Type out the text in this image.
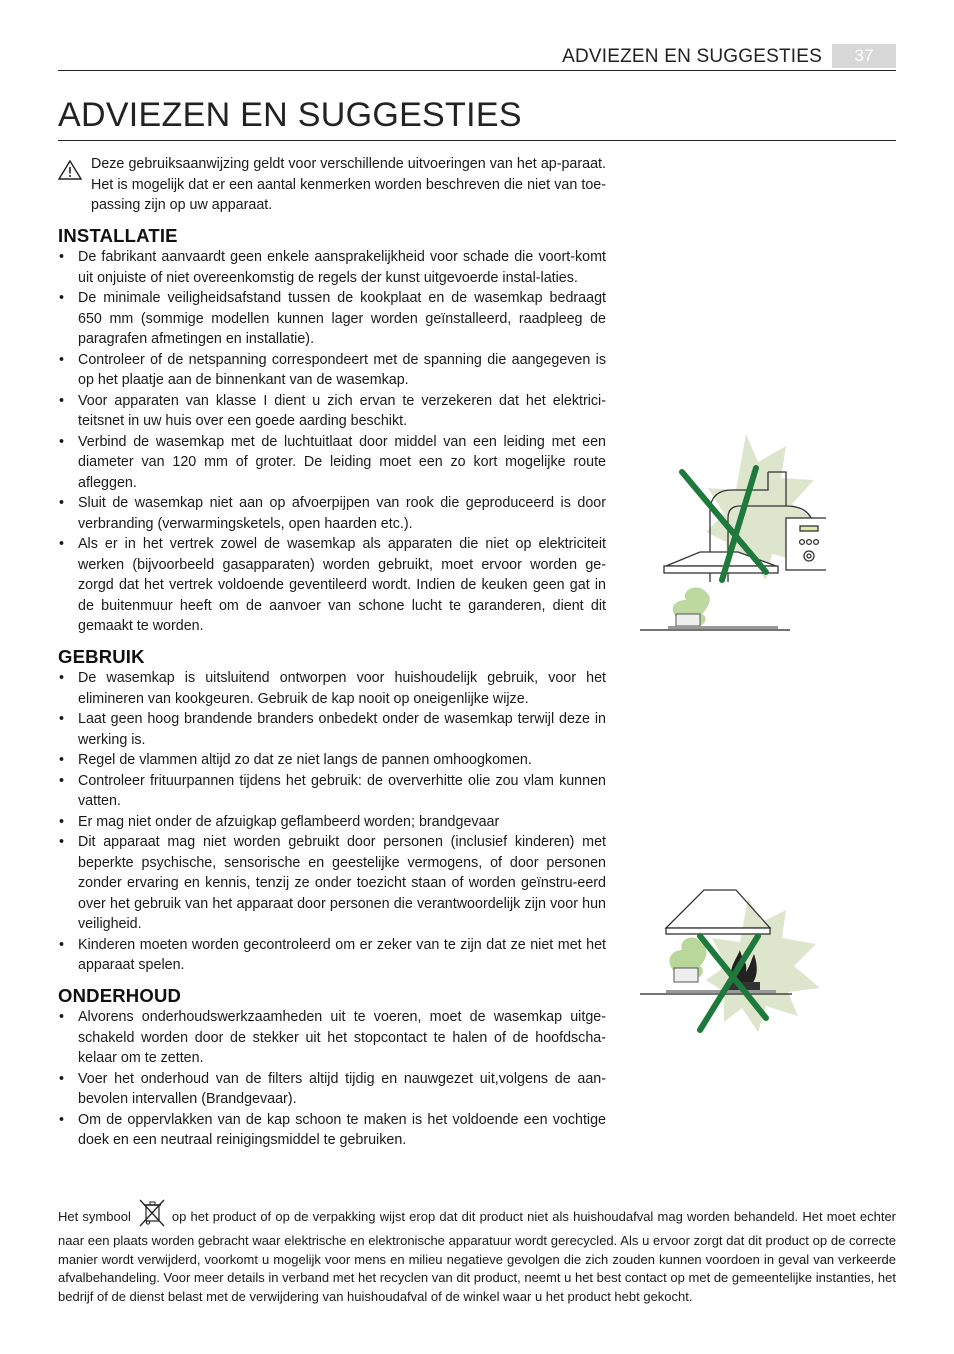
ADVIEZEN EN SUGGESTIES	37
ADVIEZEN EN SUGGESTIES
Deze gebruiksaanwijzing geldt voor verschillende uitvoeringen van het ap-paraat. Het is mogelijk dat er een aantal kenmerken worden beschreven die niet van toe-passing zijn op uw apparaat.
INSTALLATIE
• De fabrikant aanvaardt geen enkele aansprakelijkheid voor schade die voort-komt uit onjuiste of niet overeenkomstig de regels der kunst uitgevoerde instal-laties.
• De minimale veiligheidsafstand tussen de kookplaat en de wasemkap bedraagt 650 mm (sommige modellen kunnen lager worden geïnstalleerd, raadpleeg de paragrafen afmetingen en installatie).
• Controleer of de netspanning correspondeert met de spanning die aangegeven is op het plaatje aan de binnenkant van de wasemkap.
• Voor apparaten van klasse I dient u zich ervan te verzekeren dat het elektrici-teitsnet in uw huis over een goede aarding beschikt.
• Verbind de wasemkap met de luchtuitlaat door middel van een leiding met een diameter van 120 mm of groter. De leiding moet een zo kort mogelijke route afleggen.
• Sluit de wasemkap niet aan op afvoerpijpen van rook die geproduceerd is door verbranding (verwarmingsketels, open haarden etc.).
• Als er in het vertrek zowel de wasemkap als apparaten die niet op elektriciteit werken (bijvoorbeeld gasapparaten) worden gebruikt, moet ervoor worden ge-zorgd dat het vertrek voldoende geventileerd wordt. Indien de keuken geen gat in de buitenmuur heeft om de aanvoer van schone lucht te garanderen, dient dit gemaakt te worden.
GEBRUIK
• De wasemkap is uitsluitend ontworpen voor huishoudelijk gebruik, voor het elimineren van kookgeuren. Gebruik de kap nooit op oneigenlijke wijze.
• Laat geen hoog brandende branders onbedekt onder de wasemkap terwijl deze in werking is.
• Regel de vlammen altijd zo dat ze niet langs de pannen omhoogkomen.
• Controleer frituurpannen tijdens het gebruik: de oververhitte olie zou vlam kunnen vatten.
• Er mag niet onder de afzuigkap geflambeerd worden; brandgevaar
• Dit apparaat mag niet worden gebruikt door personen (inclusief kinderen) met beperkte psychische, sensorische en geestelijke vermogens, of door personen zonder ervaring en kennis, tenzij ze onder toezicht staan of worden geïnstru-eerd over het gebruik van het apparaat door personen die verantwoordelijk zijn voor hun veiligheid.
• Kinderen moeten worden gecontroleerd om er zeker van te zijn dat ze niet met het apparaat spelen.
ONDERHOUD
• Alvorens onderhoudswerkzaamheden uit te voeren, moet de wasemkap uitge-schakeld worden door de stekker uit het stopcontact te halen of de hoofdscha-kelaar om te zetten.
• Voer het onderhoud van de filters altijd tijdig en nauwgezet uit,volgens de aan-bevolen intervallen (Brandgevaar).
• Om de oppervlakken van de kap schoon te maken is het voldoende een vochtige doek en een neutraal reinigingsmiddel te gebruiken.
Het symbool	op het product of op de verpakking wijst erop dat dit product niet als huishoudafval mag worden behandeld. Het moet echter naar een plaats worden gebracht waar elektrische en elektronische apparatuur wordt gerecycled. Als u ervoor zorgt dat dit product op de correcte manier wordt verwijderd, voorkomt u mogelijk voor mens en milieu negatieve gevolgen die zich zouden kunnen voordoen in geval van verkeerde afvalbehandeling. Voor meer details in verband met het recyclen van dit product, neemt u het best contact op met de gemeentelijke instanties, het bedrijf of de dienst belast met de verwijdering van huishoudafval of de winkel waar u het product hebt gekocht.
